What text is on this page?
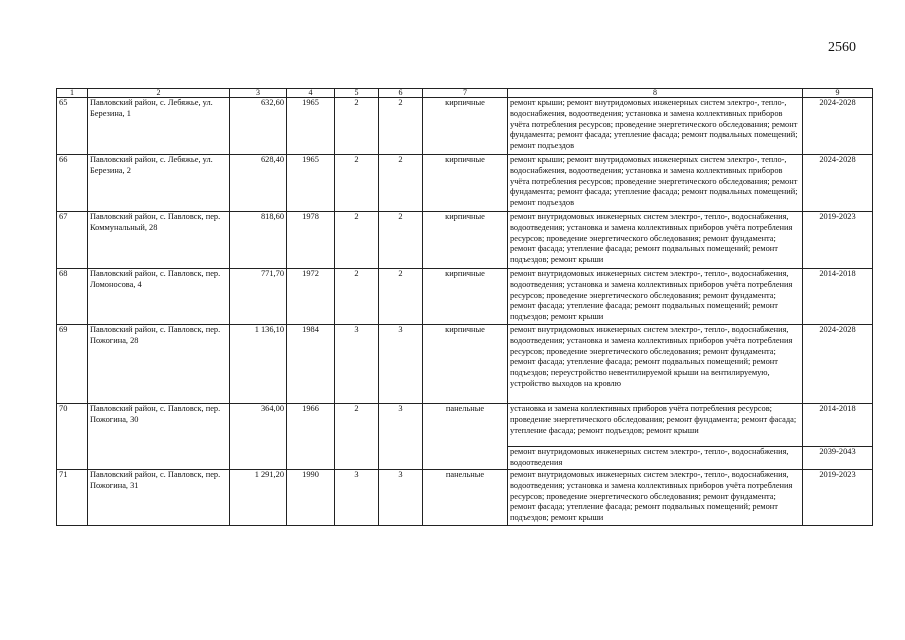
2560
1	2	3	4	5	6	7	8	9
65	Павловский район, с. Лебяжье, ул. Березина, 1	632,60	1965	2	2	кирпичные	ремонт крыши; ремонт внутридомовых инженерных систем электро-, тепло-, водоснабжения, водоотведения; установка и замена коллективных приборов учёта потребления ресурсов; проведение энергетического обследования; ремонт фундамента; ремонт фасада; утепление фасада; ремонт подвальных помещений; ремонт подъездов	2024-2028
66	Павловский район, с. Лебяжье, ул. Березина, 2	628,40	1965	2	2	кирпичные	ремонт крыши; ремонт внутридомовых инженерных систем электро-, тепло-, водоснабжения, водоотведения; установка и замена коллективных приборов учёта потребления ресурсов; проведение энергетического обследования; ремонт фундамента; ремонт фасада; утепление фасада; ремонт подвальных помещений; ремонт подъездов	2024-2028
67	Павловский район, с. Павловск, пер. Коммунальный, 28	818,60	1978	2	2	кирпичные	ремонт внутридомовых инженерных систем электро-, тепло-, водоснабжения, водоотведения; установка и замена коллективных приборов учёта потребления ресурсов; проведение энергетического обследования; ремонт фундамента; ремонт фасада; утепление фасада; ремонт подвальных помещений; ремонт подъездов; ремонт крыши	2019-2023
68	Павловский район, с. Павловск, пер. Ломоносова, 4	771,70	1972	2	2	кирпичные	ремонт внутридомовых инженерных систем электро-, тепло-, водоснабжения, водоотведения; установка и замена коллективных приборов учёта потребления ресурсов; проведение энергетического обследования; ремонт фундамента; ремонт фасада; утепление фасада; ремонт подвальных помещений; ремонт подъездов; ремонт крыши	2014-2018
69	Павловский район, с. Павловск, пер. Пожогина, 28	1 136,10	1984	3	3	кирпичные	ремонт внутридомовых инженерных систем электро-, тепло-, водоснабжения, водоотведения; установка и замена коллективных приборов учёта потребления ресурсов; проведение энергетического обследования; ремонт фундамента; ремонт фасада; утепление фасада; ремонт подвальных помещений; ремонт подъездов; переустройство невентилируемой крыши на вентилируемую, устройство выходов на кровлю	2024-2028
70	Павловский район, с. Павловск, пер. Пожогина, 30	364,00	1966	2	3	панельные	установка и замена коллективных приборов учёта потребления ресурсов; проведение энергетического обследования; ремонт фундамента; ремонт фасада; утепление фасада; ремонт подъездов; ремонт крыши	2014-2018
							ремонт внутридомовых инженерных систем электро-, тепло-, водоснабжения, водоотведения	2039-2043
71	Павловский район, с. Павловск, пер. Пожогина, 31	1 291,20	1990	3	3	панельные	ремонт внутридомовых инженерных систем электро-, тепло-, водоснабжения, водоотведения; установка и замена коллективных приборов учёта потребления ресурсов; проведение энергетического обследования; ремонт фундамента; ремонт фасада; утепление фасада; ремонт подвальных помещений; ремонт подъездов; ремонт крыши	2019-2023
